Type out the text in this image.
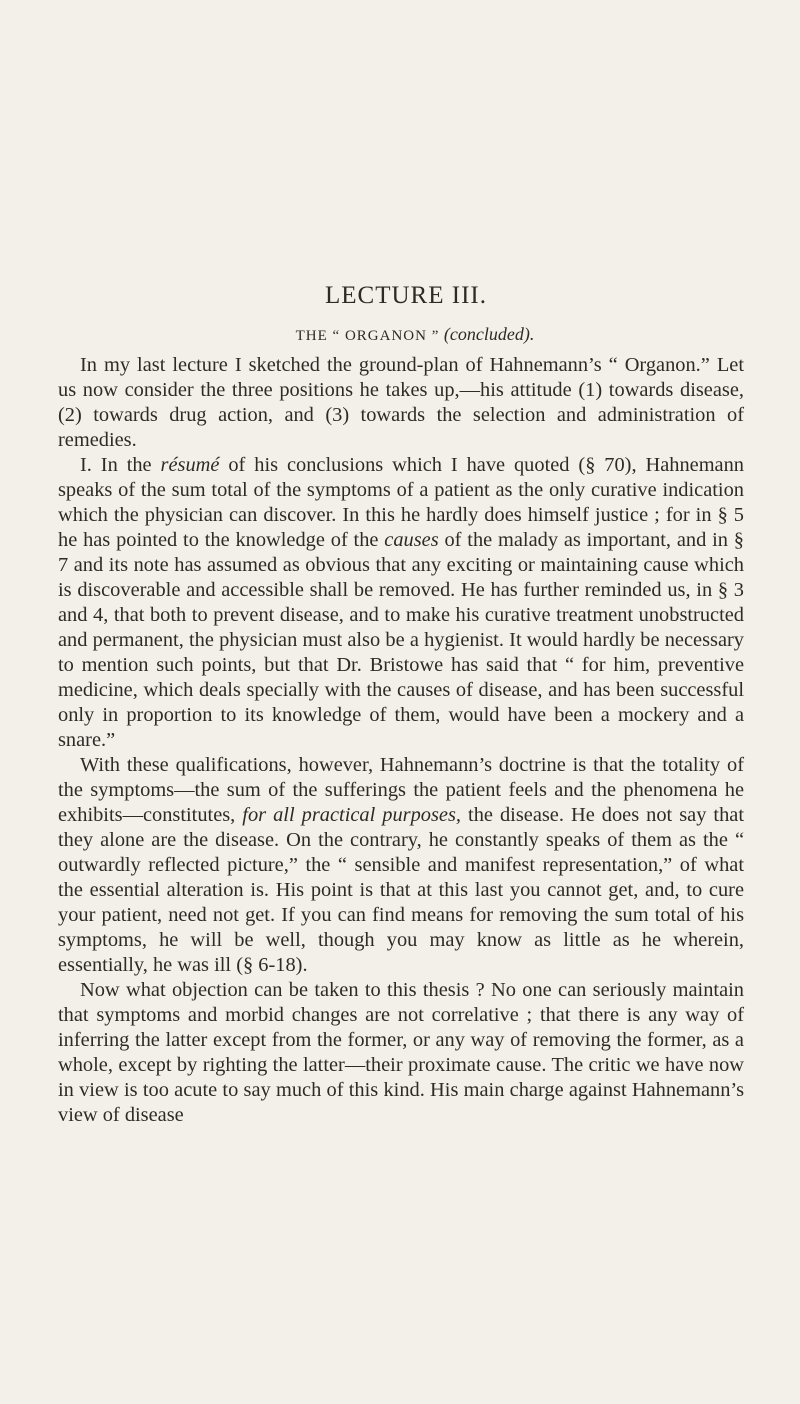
LECTURE III.
THE “ ORGANON ” (concluded).

In my last lecture I sketched the ground-plan of Hahnemann’s “ Organon.” Let us now consider the three positions he takes up,—his attitude (1) towards disease, (2) towards drug action, and (3) towards the selection and administration of remedies.

I. In the résumé of his conclusions which I have quoted (§ 70), Hahnemann speaks of the sum total of the symptoms of a patient as the only curative indication which the physician can discover. In this he hardly does himself justice ; for in § 5 he has pointed to the knowledge of the causes of the malady as important, and in § 7 and its note has assumed as obvious that any exciting or maintaining cause which is discoverable and accessible shall be removed. He has further reminded us, in § 3 and 4, that both to prevent disease, and to make his curative treatment unobstructed and permanent, the physician must also be a hygienist. It would hardly be necessary to mention such points, but that Dr. Bristowe has said that “ for him, preventive medicine, which deals specially with the causes of disease, and has been successful only in proportion to its knowledge of them, would have been a mockery and a snare.”

With these qualifications, however, Hahnemann’s doctrine is that the totality of the symptoms—the sum of the sufferings the patient feels and the phenomena he exhibits—constitutes, for all practical purposes, the disease. He does not say that they alone are the disease. On the contrary, he constantly speaks of them as the “ outwardly reflected picture,” the “ sensible and manifest representation,” of what the essential alteration is. His point is that at this last you cannot get, and, to cure your patient, need not get. If you can find means for removing the sum total of his symptoms, he will be well, though you may know as little as he wherein, essentially, he was ill (§ 6-18).

Now what objection can be taken to this thesis ? No one can seriously maintain that symptoms and morbid changes are not correlative ; that there is any way of inferring the latter except from the former, or any way of removing the former, as a whole, except by righting the latter—their proximate cause. The critic we have now in view is too acute to say much of this kind. His main charge against Hahnemann’s view of disease
